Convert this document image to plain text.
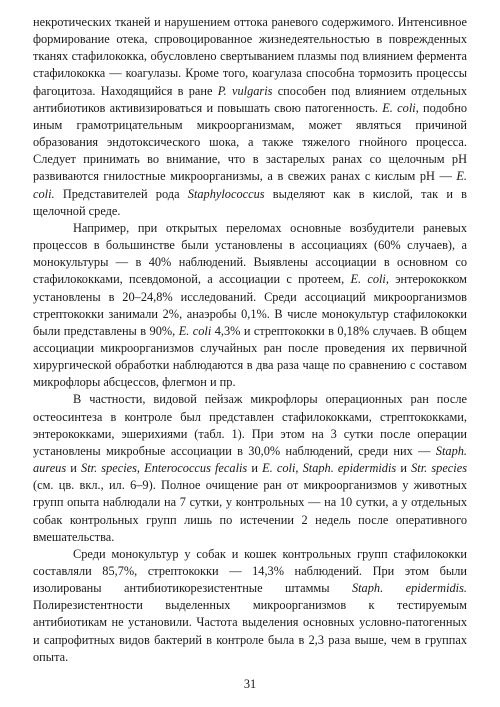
некротических тканей и нарушением оттока раневого содержимого. Интенсивное формирование отека, спровоцированное жизнедеятельностью в поврежденных тканях стафилококка, обусловлено свертыванием плазмы под влиянием фермента стафилококка — коагулазы. Кроме того, коагулаза способна тормозить процессы фагоцитоза. Находящийся в ране P. vulgaris способен под влиянием отдельных антибиотиков активизироваться и повышать свою патогенность. E. coli, подобно иным грамотрицательным микроорганизмам, может являться причиной образования эндотоксического шока, а также тяжелого гнойного процесса. Следует принимать во внимание, что в застарелых ранах со щелочным pH развиваются гнилостные микроорганизмы, а в свежих ранах с кислым pH — E. coli. Представителей рода Staphylococcus выделяют как в кислой, так и в щелочной среде.

Например, при открытых переломах основные возбудители раневых процессов в большинстве были установлены в ассоциациях (60% случаев), а монокультуры — в 40% наблюдений. Выявлены ассоциации в основном со стафилококками, псевдомоной, а ассоциации с протеем, E. coli, энтерококком установлены в 20–24,8% исследований. Среди ассоциаций микроорганизмов стрептококки занимали 2%, анаэробы 0,1%. В числе монокультур стафилококки были представлены в 90%, E. coli 4,3% и стрептококки в 0,18% случаев. В общем ассоциации микроорганизмов случайных ран после проведения их первичной хирургической обработки наблюдаются в два раза чаще по сравнению с составом микрофлоры абсцессов, флегмон и пр.

В частности, видовой пейзаж микрофлоры операционных ран после остеосинтеза в контроле был представлен стафилококками, стрептококками, энтерококками, эшерихиями (табл. 1). При этом на 3 сутки после операции установлены микробные ассоциации в 30,0% наблюдений, среди них — Staph. aureus и Str. species, Enterococcus fecalis и E. coli, Staph. epidermidis и Str. species (см. цв. вкл., ил. 6–9). Полное очищение ран от микроорганизмов у животных групп опыта наблюдали на 7 сутки, у контрольных — на 10 сутки, а у отдельных собак контрольных групп лишь по истечении 2 недель после оперативного вмешательства.

Среди монокультур у собак и кошек контрольных групп стафилококки составляли 85,7%, стрептококки — 14,3% наблюдений. При этом были изолированы антибиотикорезистентные штаммы Staph. epidermidis. Полирезистентности выделенных микроорганизмов к тестируемым антибиотикам не установили. Частота выделения основных условно-патогенных и сапрофитных видов бактерий в контроле была в 2,3 раза выше, чем в группах опыта.

31
